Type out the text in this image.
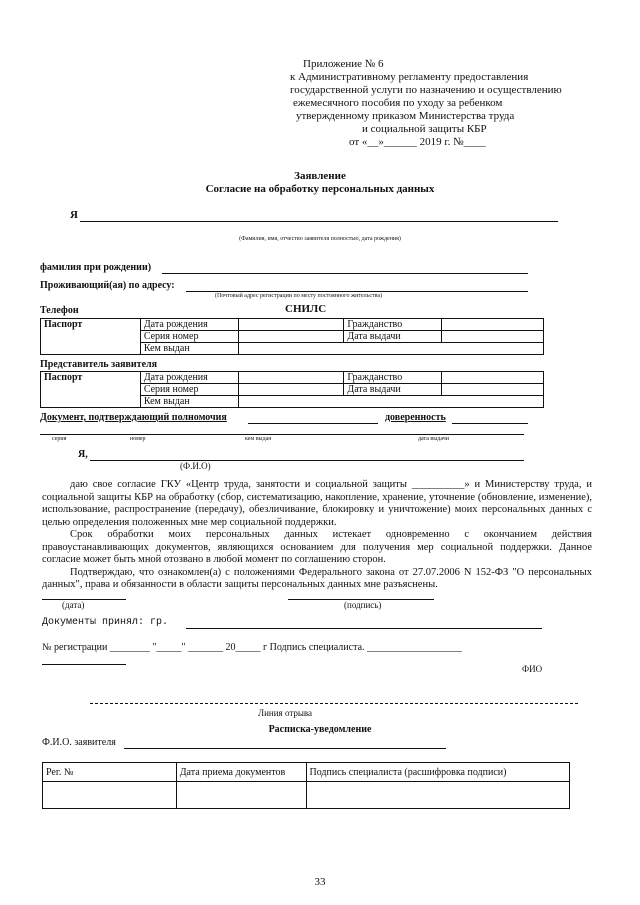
Приложение № 6
к Административному регламенту предоставления
государственной услуги по назначению и осуществлению
ежемесячного пособия по уходу за ребенком
утвержденному приказом Министерства труда
и социальной защиты КБР
от «__»______ 2019 г. №____
Заявление
Согласие на обработку персональных данных
Я
(Фамилия, имя, отчество заявителя полностью, дата рождения)
фамилия при рождении)
Проживающий(ая) по адресу:
(Почтовый адрес регистрации по месту постоянного жительства)
Телефон	СНИЛС
Паспорт	Дата рождения		Гражданство	
	Серия номер		Дата выдачи	
	Кем выдан			
Представитель заявителя
Паспорт	Дата рождения		Гражданство	
	Серия номер		Дата выдачи	
	Кем выдан			
Документ, подтверждающий полномочия	доверенность
серия	номер	кем выдан	дата выдачи
Я,
(Ф.И.О)

даю свое согласие ГКУ «Центр труда, занятости и социальной защиты __________» и Министерству труда, и социальной защиты КБР на обработку (сбор, систематизацию, накопление, хранение, уточнение (обновление, изменение), использование, распространение (передачу), обезличивание, блокировку и уничтожение) моих персональных данных с целью определения положенных мне мер социальной поддержки.

Срок обработки моих персональных данных истекает одновременно с окончанием действия правоустанавливающих документов, являющихся основанием для получения мер социальной поддержки. Данное согласие может быть мной отозвано в любой момент по соглашению сторон.

Подтверждаю, что ознакомлен(а) с положениями Федерального закона от 27.07.2006 N 152-ФЗ "О персональных данных", права и обязанности в области защиты персональных данных мне разъяснены.

(дата)	(подпись)
Документы принял: гр.
№ регистрации ________ "_____" _______ 20_____ г Подпись специалиста. ___________________
ФИО
Линия отрыва
Расписка-уведомление
Ф.И.О. заявителя
Рег. №	Дата приема документов	Подпись специалиста (расшифровка подписи)

33
